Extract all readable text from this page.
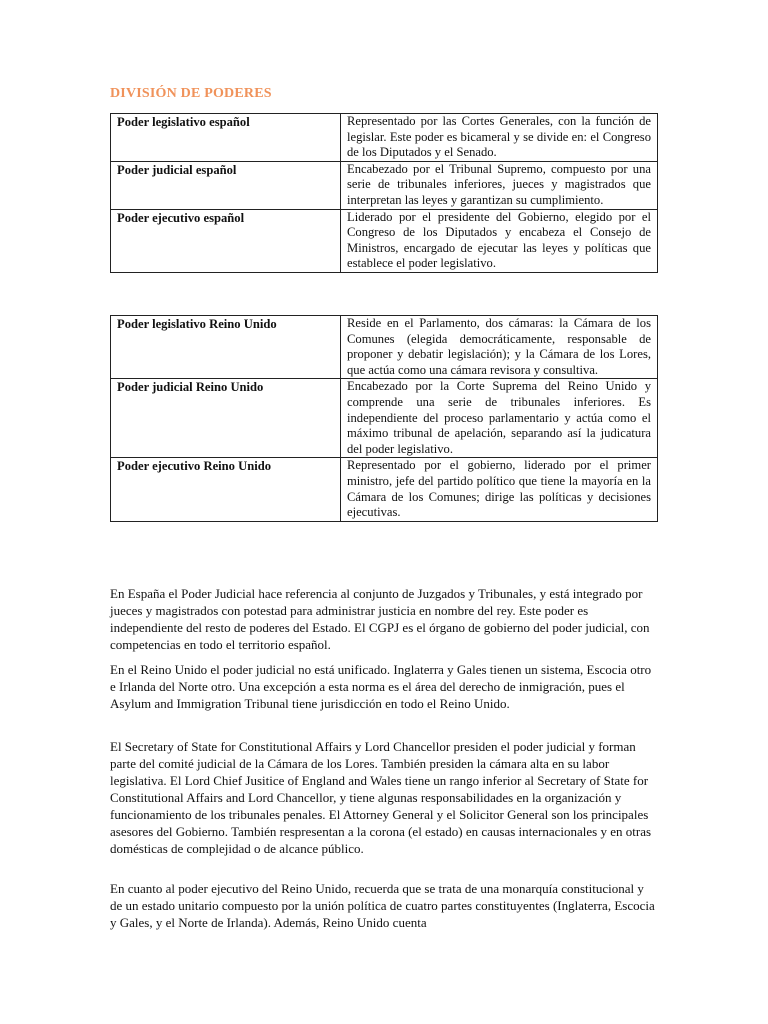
DIVISIÓN DE PODERES
Poder legislativo español	Representado por las Cortes Generales, con la función de legislar. Este poder es bicameral y se divide en: el Congreso de los Diputados y el Senado.
Poder judicial español	Encabezado por el Tribunal Supremo, compuesto por una serie de tribunales inferiores, jueces y magistrados que interpretan las leyes y garantizan su cumplimiento.
Poder ejecutivo español	Liderado por el presidente del Gobierno, elegido por el Congreso de los Diputados y encabeza el Consejo de Ministros, encargado de ejecutar las leyes y políticas que establece el poder legislativo.
Poder legislativo Reino Unido	Reside en el Parlamento, dos cámaras: la Cámara de los Comunes (elegida democráticamente, responsable de proponer y debatir legislación); y la Cámara de los Lores, que actúa como una cámara revisora y consultiva.
Poder judicial Reino Unido	Encabezado por la Corte Suprema del Reino Unido y comprende una serie de tribunales inferiores. Es independiente del proceso parlamentario y actúa como el máximo tribunal de apelación, separando así la judicatura del poder legislativo.
Poder ejecutivo Reino Unido	Representado por el gobierno, liderado por el primer ministro, jefe del partido político que tiene la mayoría en la Cámara de los Comunes; dirige las políticas y decisiones ejecutivas.

En España el Poder Judicial hace referencia al conjunto de Juzgados y Tribunales, y está integrado por jueces y magistrados con potestad para administrar justicia en nombre del rey. Este poder es independiente del resto de poderes del Estado. El CGPJ es el órgano de gobierno del poder judicial, con competencias en todo el territorio español.

En el Reino Unido el poder judicial no está unificado. Inglaterra y Gales tienen un sistema, Escocia otro e Irlanda del Norte otro. Una excepción a esta norma es el área del derecho de inmigración, pues el Asylum and Immigration Tribunal tiene jurisdicción en todo el Reino Unido.

El Secretary of State for Constitutional Affairs y Lord Chancellor presiden el poder judicial y forman parte del comité judicial de la Cámara de los Lores. También presiden la cámara alta en su labor legislativa. El Lord Chief Jusitice of England and Wales tiene un rango inferior al Secretary of State for Constitutional Affairs and Lord Chancellor, y tiene algunas responsabilidades en la organización y funcionamiento de los tribunales penales. El Attorney General y el Solicitor General son los principales asesores del Gobierno. También respresentan a la corona (el estado) en causas internacionales y en otras domésticas de complejidad o de alcance público.

En cuanto al poder ejecutivo del Reino Unido, recuerda que se trata de una monarquía constitucional y de un estado unitario compuesto por la unión política de cuatro partes constituyentes (Inglaterra, Escocia y Gales, y el Norte de Irlanda). Además, Reino Unido cuenta
